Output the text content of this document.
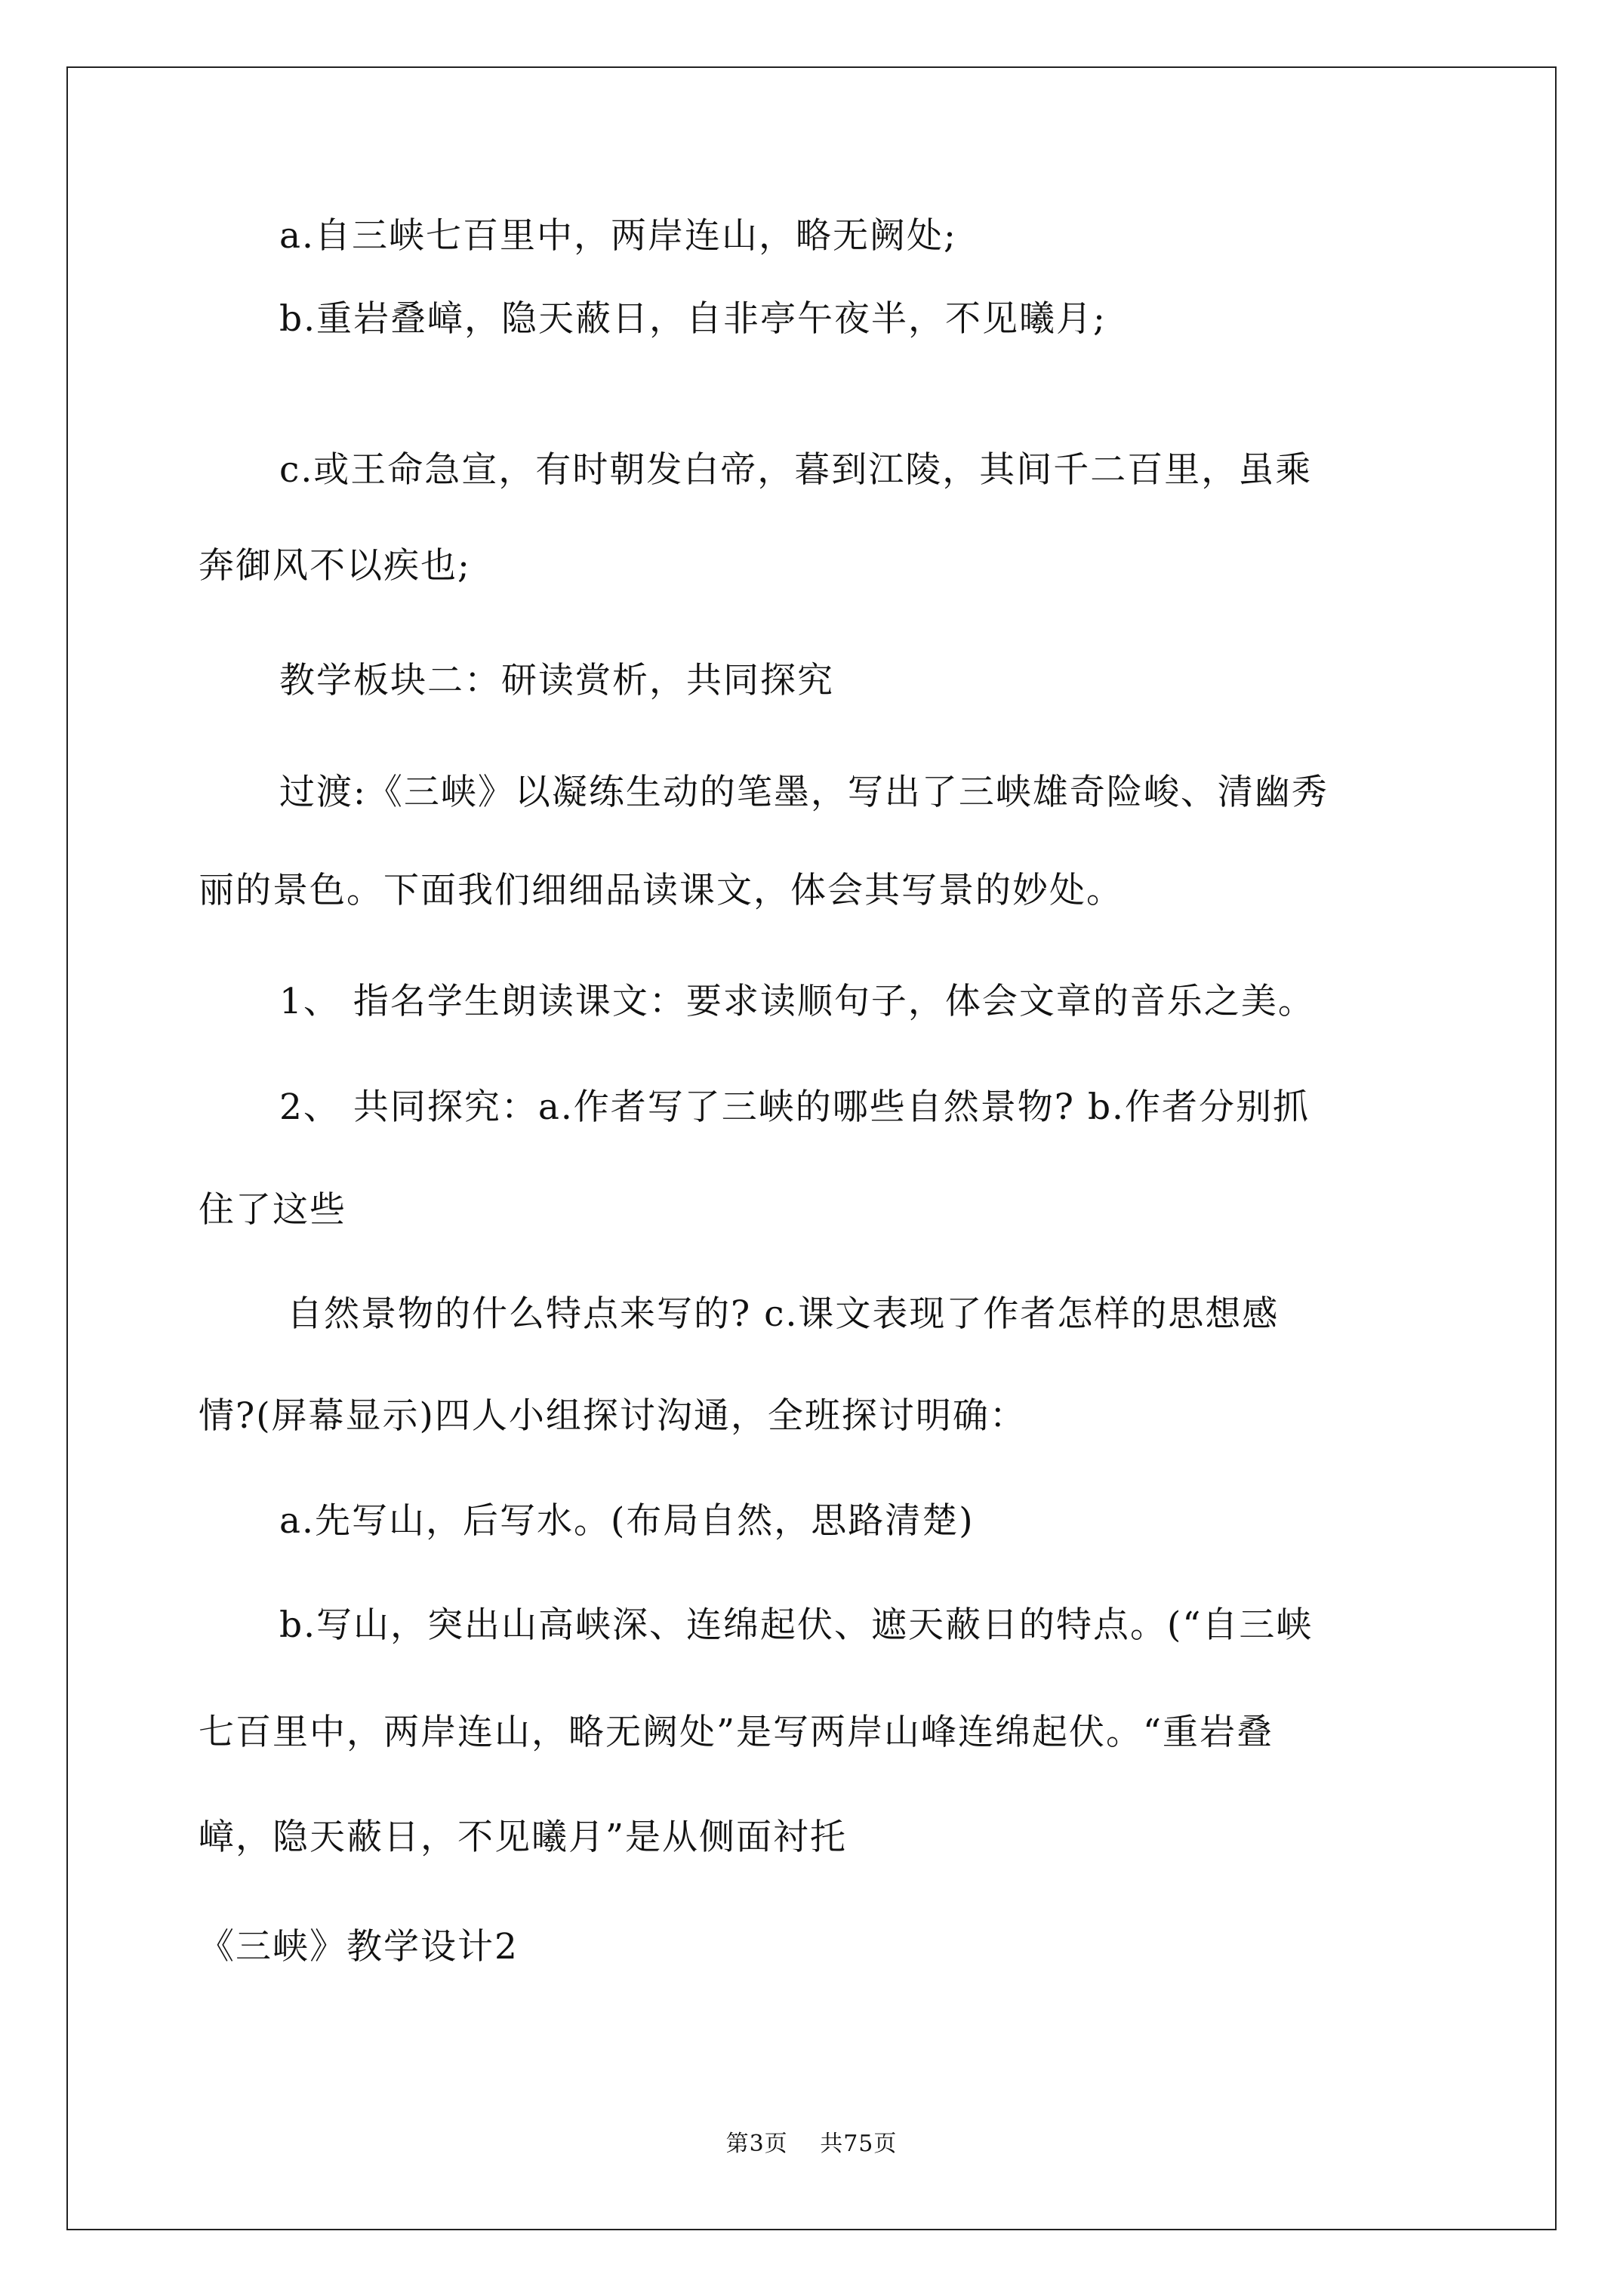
a.自三峡七百里中，两岸连山，略无阙处;
b.重岩叠嶂，隐天蔽日，自非亭午夜半，不见曦月;
c.或王命急宣，有时朝发白帝，暮到江陵，其间千二百里，虽乘
奔御风不以疾也;
教学板块二：研读赏析，共同探究
过渡:《三峡》以凝练生动的笔墨，写出了三峡雄奇险峻、清幽秀
丽的景色。下面我们细细品读课文，体会其写景的妙处。
1、 指名学生朗读课文：要求读顺句子，体会文章的音乐之美。
2、 共同探究：a.作者写了三峡的哪些自然景物? b.作者分别抓
住了这些
自然景物的什么特点来写的? c.课文表现了作者怎样的思想感
情?(屏幕显示)四人小组探讨沟通，全班探讨明确：
a.先写山，后写水。(布局自然，思路清楚)
b.写山，突出山高峡深、连绵起伏、遮天蔽日的特点。(“自三峡
七百里中，两岸连山，略无阙处”是写两岸山峰连绵起伏。“重岩叠
嶂，隐天蔽日，不见曦月”是从侧面衬托
《三峡》教学设计2
第3页 共75页
